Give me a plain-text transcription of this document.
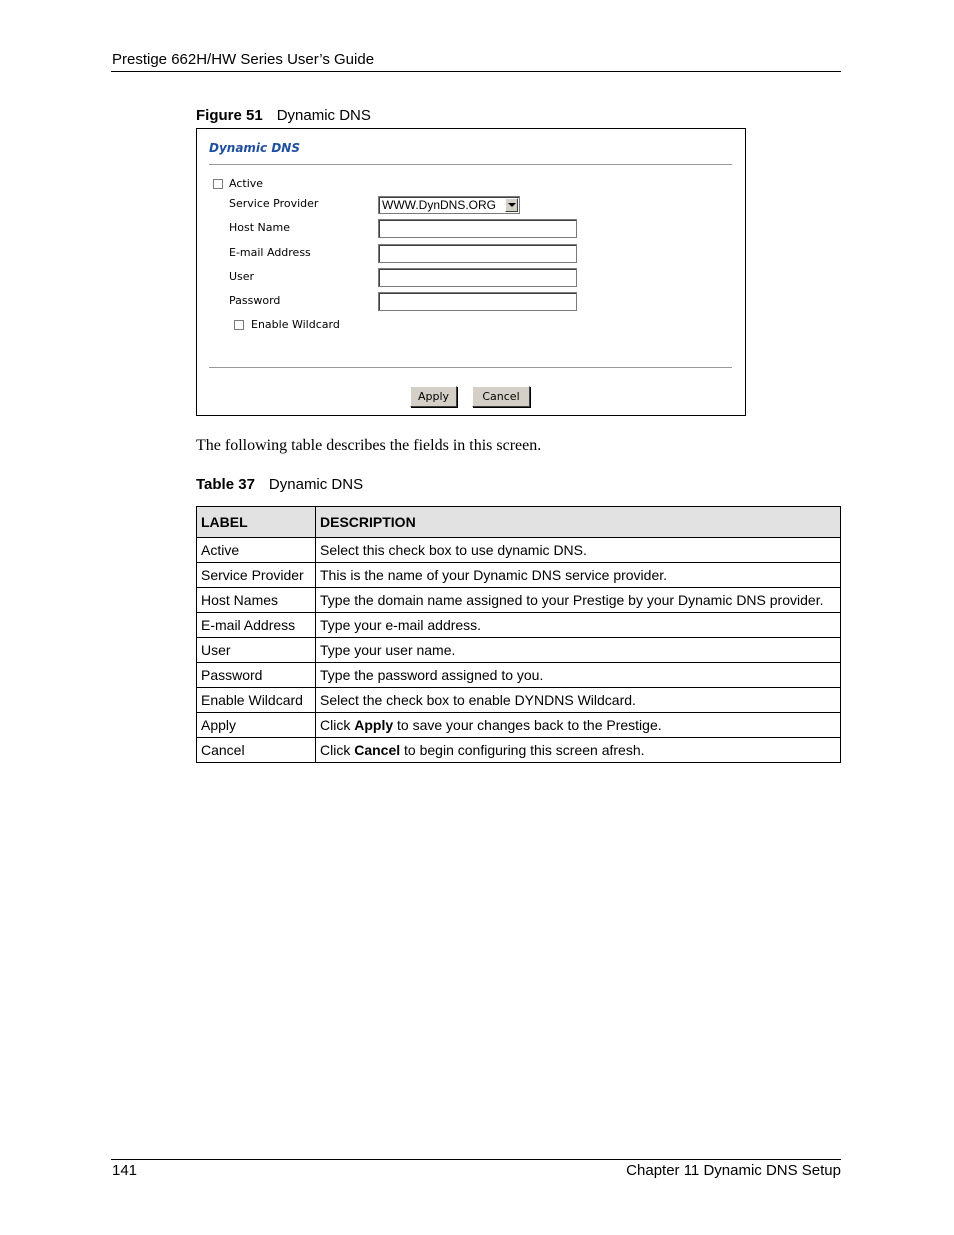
Prestige 662H/HW Series User’s Guide
Figure 51 Dynamic DNS
Dynamic DNS
Active
Service Provider	WWW.DynDNS.ORG
Host Name
E-mail Address
User
Password
Enable Wildcard
Apply	Cancel
The following table describes the fields in this screen.
Table 37 Dynamic DNS
LABEL	DESCRIPTION
Active	Select this check box to use dynamic DNS.
Service Provider	This is the name of your Dynamic DNS service provider.
Host Names	Type the domain name assigned to your Prestige by your Dynamic DNS provider.
E-mail Address	Type your e-mail address.
User	Type your user name.
Password	Type the password assigned to you.
Enable Wildcard	Select the check box to enable DYNDNS Wildcard.
Apply	Click Apply to save your changes back to the Prestige.
Cancel	Click Cancel to begin configuring this screen afresh.
141	Chapter 11 Dynamic DNS Setup
